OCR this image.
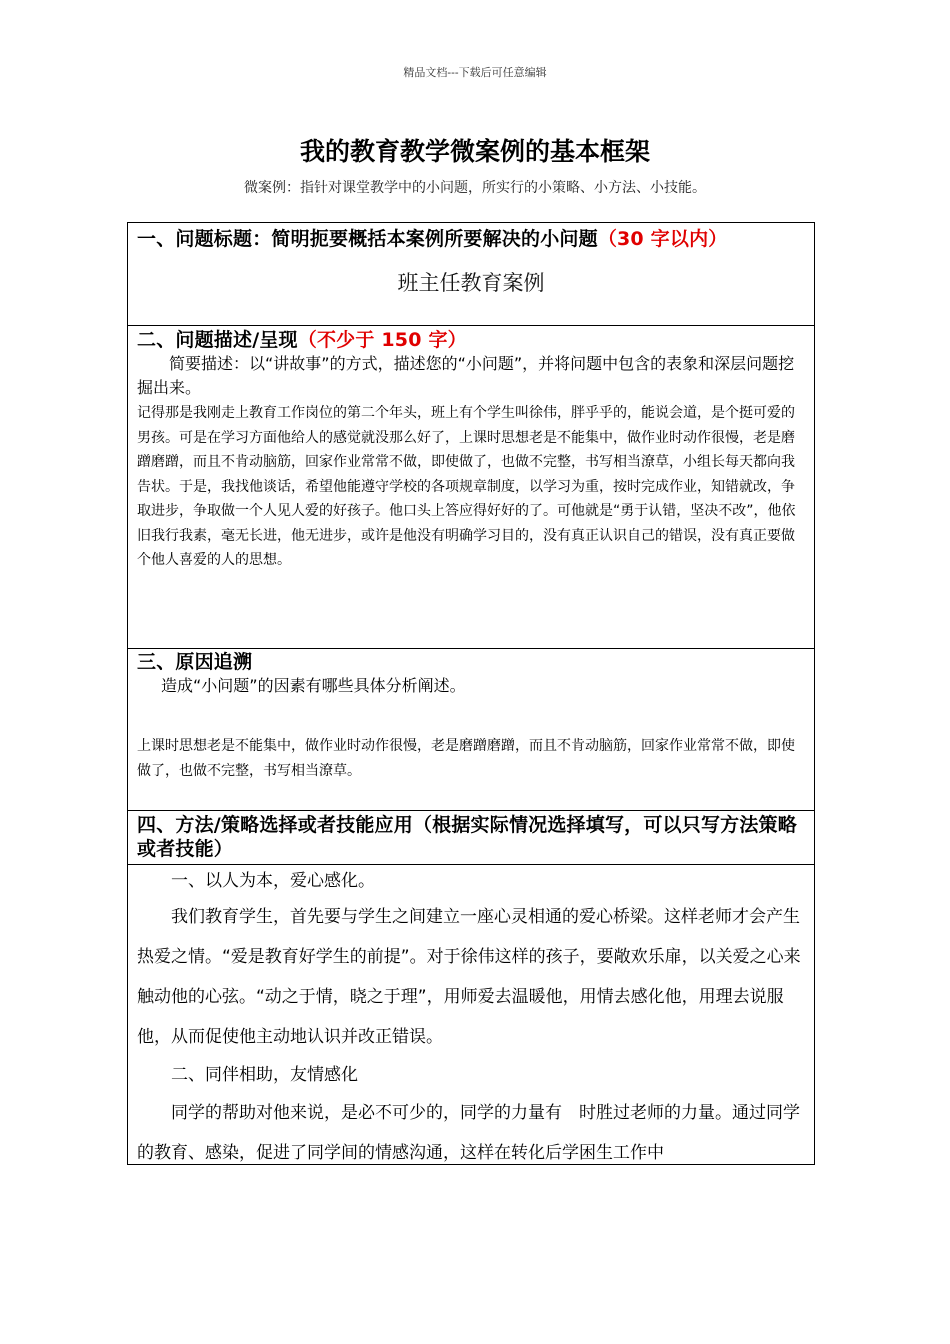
精品文档---下载后可任意编辑
我的教育教学微案例的基本框架
微案例：指针对课堂教学中的小问题，所实行的小策略、小方法、小技能。
一、问题标题：简明扼要概括本案例所要解决的小问题（30 字以内）
班主任教育案例
二、问题描述/呈现（不少于 150 字）
简要描述：以“讲故事”的方式，描述您的“小问题”，并将问题中包含的表象和深层问题挖掘出来。
记得那是我刚走上教育工作岗位的第二个年头，班上有个学生叫徐伟，胖乎乎的，能说会道，是个挺可爱的男孩。可是在学习方面他给人的感觉就没那么好了，上课时思想老是不能集中，做作业时动作很慢，老是磨蹭磨蹭，而且不肯动脑筋，回家作业常常不做，即使做了，也做不完整，书写相当潦草，小组长每天都向我告状。于是，我找他谈话，希望他能遵守学校的各项规章制度，以学习为重，按时完成作业，知错就改，争取进步，争取做一个人见人爱的好孩子。他口头上答应得好好的了。可他就是“勇于认错，坚决不改”，他依旧我行我素，毫无长进，他无进步，或许是他没有明确学习目的，没有真正认识自己的错误，没有真正要做个他人喜爱的人的思想。
三、原因追溯
造成“小问题”的因素有哪些具体分析阐述。
上课时思想老是不能集中，做作业时动作很慢，老是磨蹭磨蹭，而且不肯动脑筋，回家作业常常不做，即使做了，也做不完整，书写相当潦草。
四、方法/策略选择或者技能应用（根据实际情况选择填写，可以只写方法策略或者技能）
一、以人为本，爱心感化。
我们教育学生，首先要与学生之间建立一座心灵相通的爱心桥梁。这样老师才会产生热爱之情。“爱是教育好学生的前提”。对于徐伟这样的孩子，要敞欢乐扉，以关爱之心来触动他的心弦。“动之于情，晓之于理”，用师爱去温暖他，用情去感化他，用理去说服他，从而促使他主动地认识并改正错误。
二、同伴相助，友情感化
同学的帮助对他来说，是必不可少的，同学的力量有　时胜过老师的力量。通过同学的教育、感染，促进了同学间的情感沟通，这样在转化后学困生工作中
